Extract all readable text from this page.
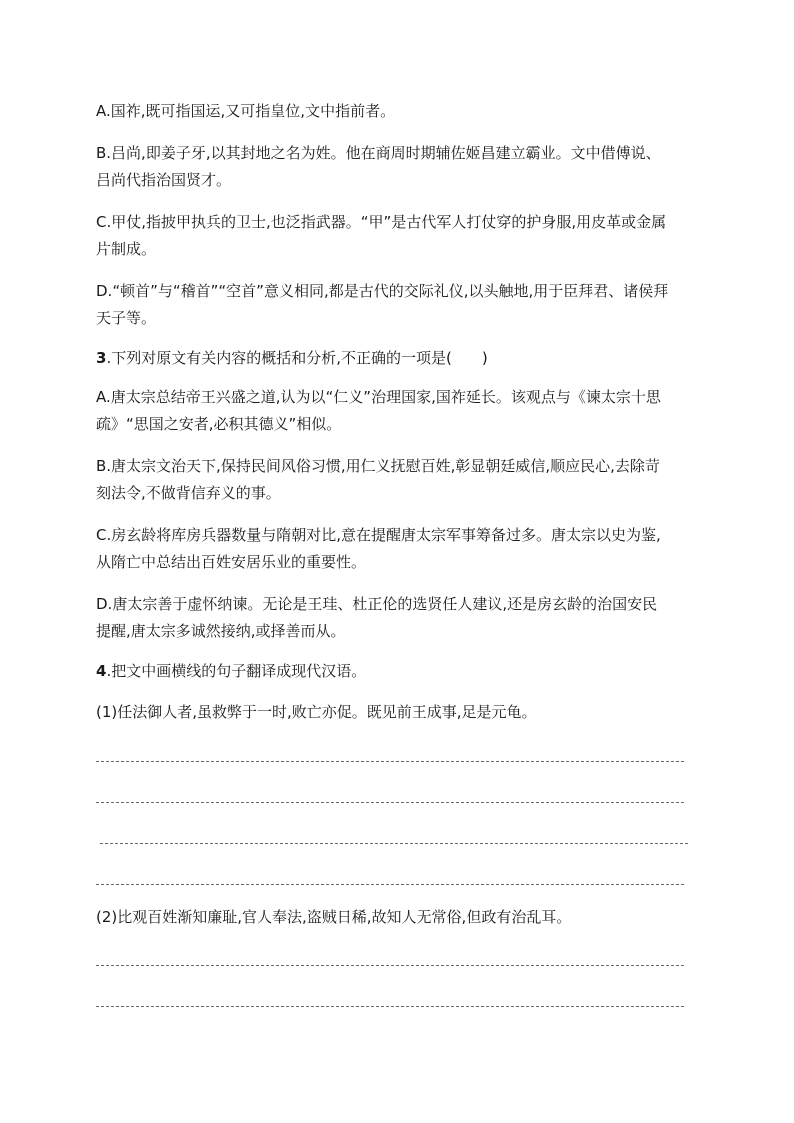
A.国祚,既可指国运,又可指皇位,文中指前者。
B.吕尚,即姜子牙,以其封地之名为姓。他在商周时期辅佐姬昌建立霸业。文中借傅说、
吕尚代指治国贤才。
C.甲仗,指披甲执兵的卫士,也泛指武器。“甲”是古代军人打仗穿的护身服,用皮革或金属
片制成。
D.“顿首”与“稽首”“空首”意义相同,都是古代的交际礼仪,以头触地,用于臣拜君、诸侯拜
天子等。
3.下列对原文有关内容的概括和分析,不正确的一项是(　　)
A.唐太宗总结帝王兴盛之道,认为以“仁义”治理国家,国祚延长。该观点与《谏太宗十思
疏》“思国之安者,必积其德义”相似。
B.唐太宗文治天下,保持民间风俗习惯,用仁义抚慰百姓,彰显朝廷威信,顺应民心,去除苛
刻法令,不做背信弃义的事。
C.房玄龄将库房兵器数量与隋朝对比,意在提醒唐太宗军事筹备过多。唐太宗以史为鉴,
从隋亡中总结出百姓安居乐业的重要性。
D.唐太宗善于虚怀纳谏。无论是王珪、杜正伦的选贤任人建议,还是房玄龄的治国安民
提醒,唐太宗多诚然接纳,或择善而从。
4.把文中画横线的句子翻译成现代汉语。
(1)任法御人者,虽救弊于一时,败亡亦促。既见前王成事,足是元龟。
(2)比观百姓渐知廉耻,官人奉法,盗贼日稀,故知人无常俗,但政有治乱耳。
